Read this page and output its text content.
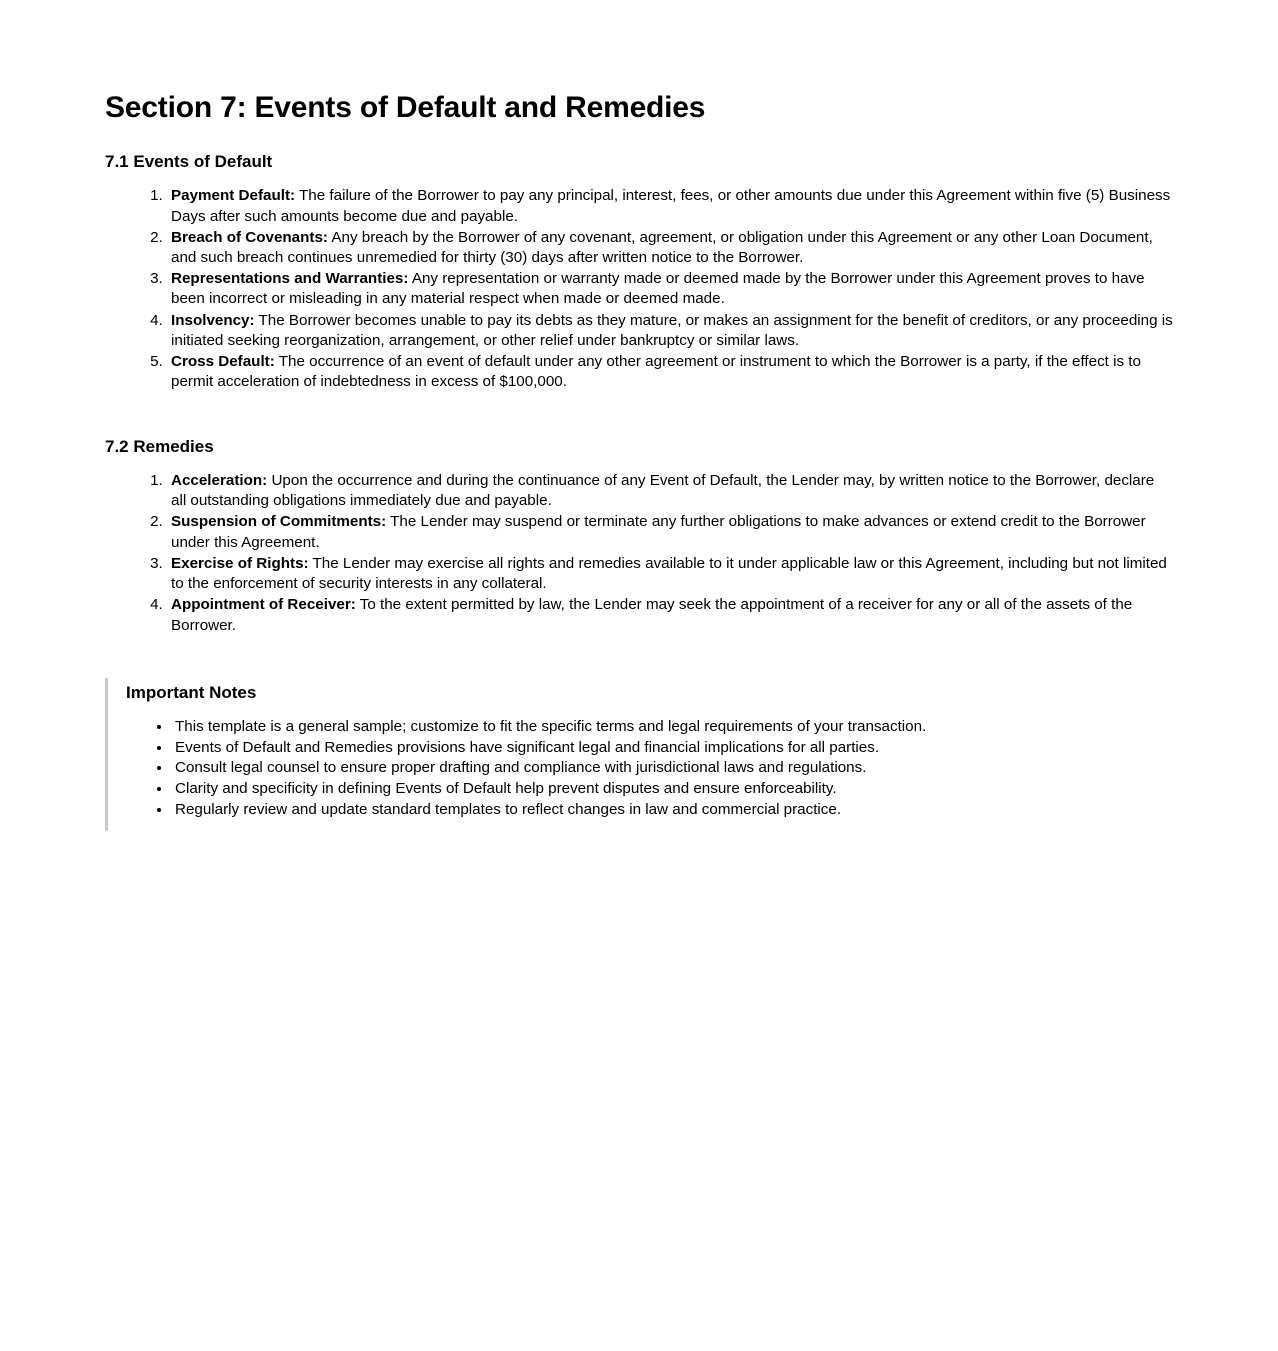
Section 7: Events of Default and Remedies
7.1 Events of Default
1. Payment Default: The failure of the Borrower to pay any principal, interest, fees, or other amounts due under this Agreement within five (5) Business Days after such amounts become due and payable.
2. Breach of Covenants: Any breach by the Borrower of any covenant, agreement, or obligation under this Agreement or any other Loan Document, and such breach continues unremedied for thirty (30) days after written notice to the Borrower.
3. Representations and Warranties: Any representation or warranty made or deemed made by the Borrower under this Agreement proves to have been incorrect or misleading in any material respect when made or deemed made.
4. Insolvency: The Borrower becomes unable to pay its debts as they mature, or makes an assignment for the benefit of creditors, or any proceeding is initiated seeking reorganization, arrangement, or other relief under bankruptcy or similar laws.
5. Cross Default: The occurrence of an event of default under any other agreement or instrument to which the Borrower is a party, if the effect is to permit acceleration of indebtedness in excess of $100,000.
7.2 Remedies
1. Acceleration: Upon the occurrence and during the continuance of any Event of Default, the Lender may, by written notice to the Borrower, declare all outstanding obligations immediately due and payable.
2. Suspension of Commitments: The Lender may suspend or terminate any further obligations to make advances or extend credit to the Borrower under this Agreement.
3. Exercise of Rights: The Lender may exercise all rights and remedies available to it under applicable law or this Agreement, including but not limited to the enforcement of security interests in any collateral.
4. Appointment of Receiver: To the extent permitted by law, the Lender may seek the appointment of a receiver for any or all of the assets of the Borrower.
Important Notes
• This template is a general sample; customize to fit the specific terms and legal requirements of your transaction.
• Events of Default and Remedies provisions have significant legal and financial implications for all parties.
• Consult legal counsel to ensure proper drafting and compliance with jurisdictional laws and regulations.
• Clarity and specificity in defining Events of Default help prevent disputes and ensure enforceability.
• Regularly review and update standard templates to reflect changes in law and commercial practice.
